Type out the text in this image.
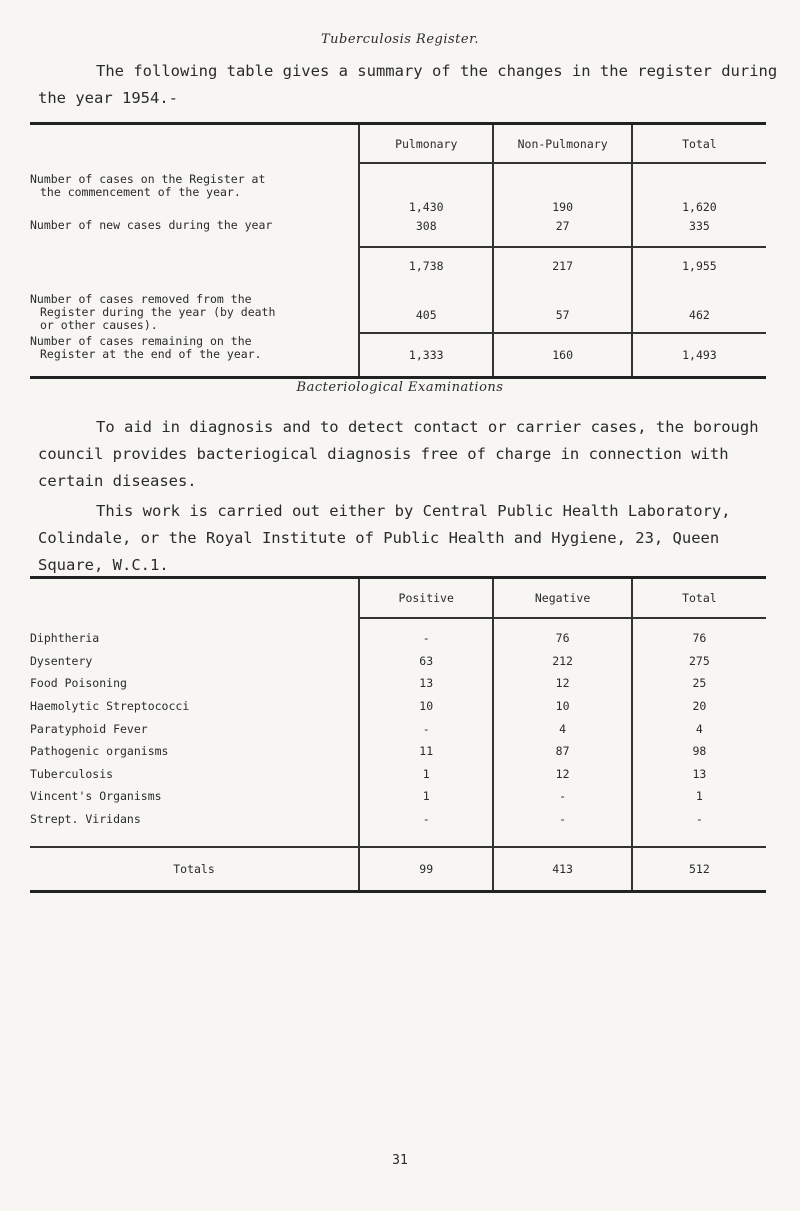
Tuberculosis Register.
The following table gives a summary of the changes in the register during the year 1954.-
	Pulmonary	Non-Pulmonary	Total

Number of cases on the Register at
the commencement of the year.	1,430	190	1,620
Number of new cases during the year	308	27	335
	1,738	217	1,955

Number of cases removed from the
Register during the year (by death
or other causes).	405	57	462

Number of cases remaining on the
Register at the end of the year.	1,333	160	1,493
Bacteriological Examinations
To aid in diagnosis and to detect contact or carrier cases, the borough council provides bacteriogical diagnosis free of charge in connection with certain diseases.
This work is carried out either by Central Public Health Laboratory, Colindale, or the Royal Institute of Public Health and Hygiene, 23, Queen Square, W.C.1.
	Positive	Negative	Total
Diphtheria	-	76	76
Dysentery	63	212	275
Food Poisoning	13	12	25
Haemolytic Streptococci	10	10	20
Paratyphoid Fever	-	4	4
Pathogenic organisms	11	87	98
Tuberculosis	1	12	13
Vincent's Organisms	1	-	1
Strept. Viridans	-	-	-
Totals	99	413	512
31
